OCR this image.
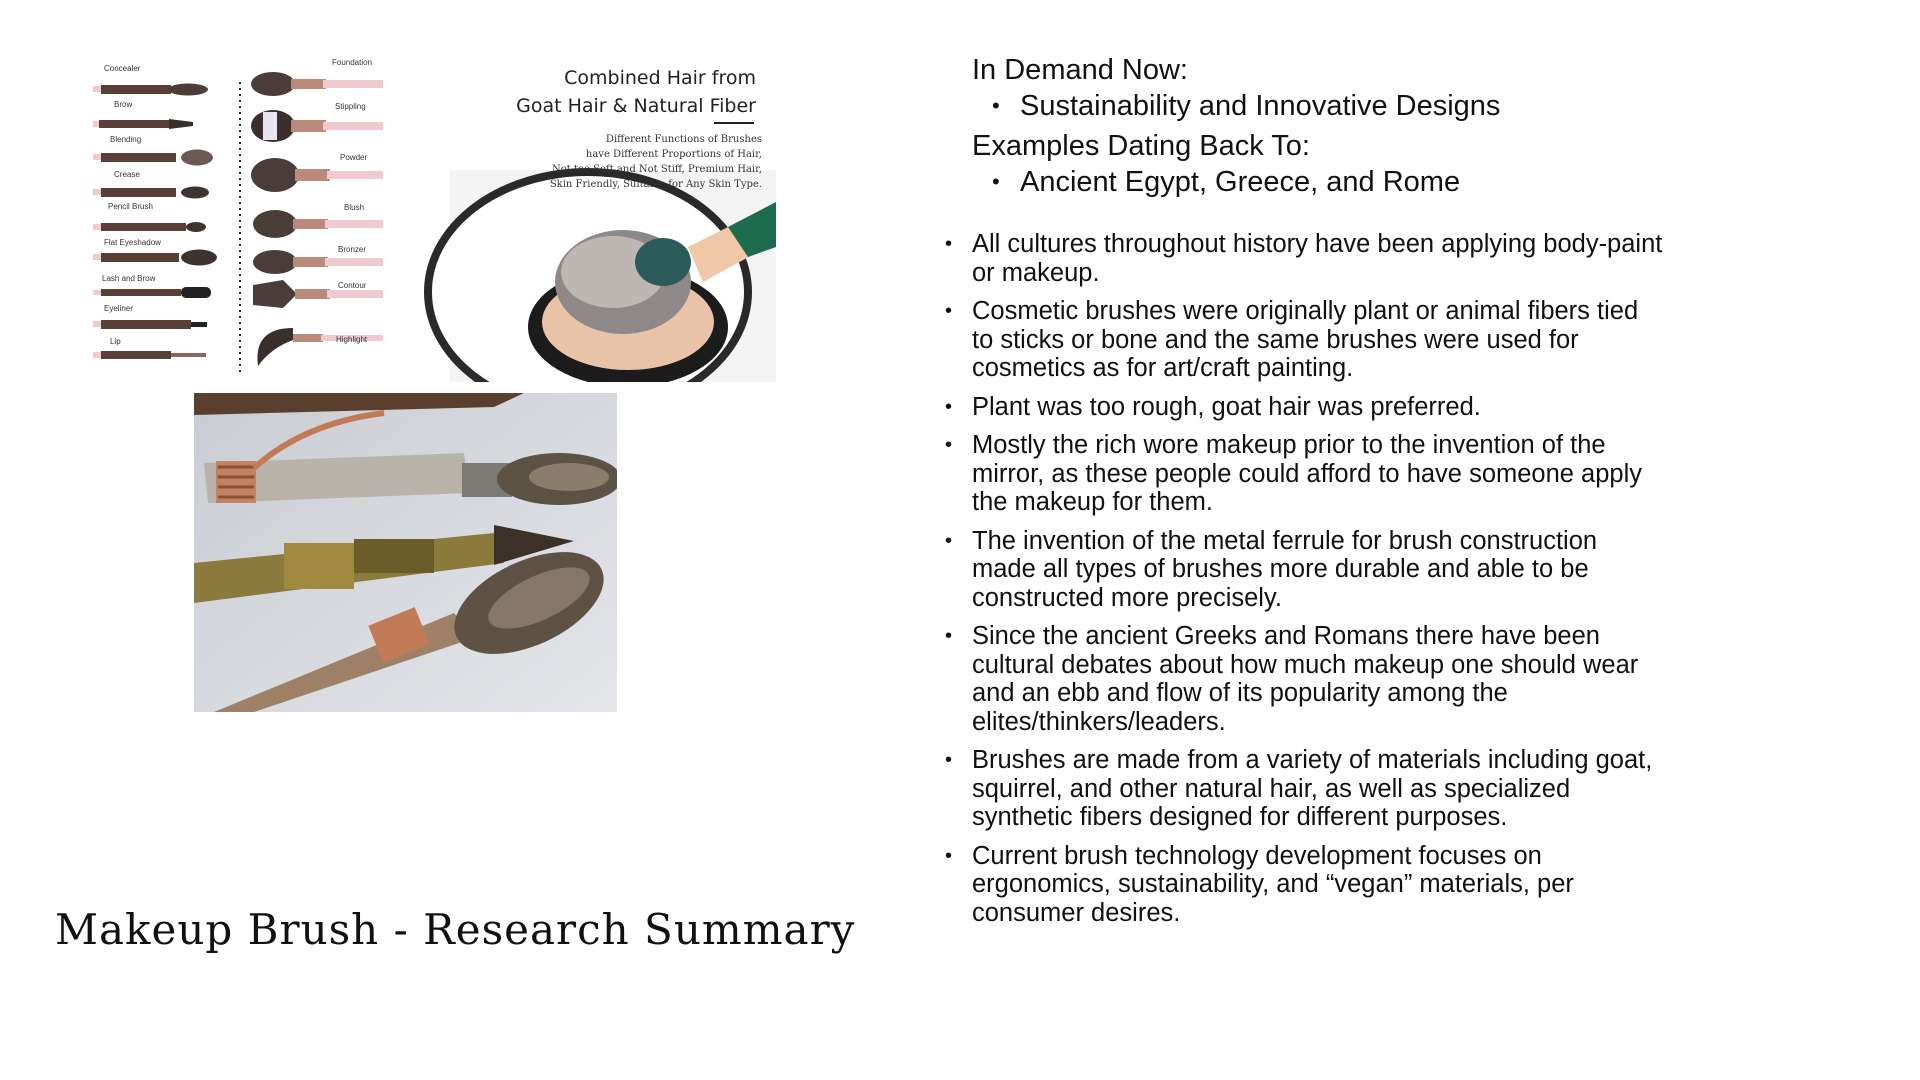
Concealer
Brow
Blending
Crease
Pencil Brush
Flat Eyeshadow
Lash and Brow
Eyeliner
Lip
Foundation
Stippling
Powder
Blush
Bronzer
Contour
Highlight
Combined Hair from
Goat Hair & Natural Fiber
Different Functions of Brushes
have Different Proportions of Hair,
Not too Soft and Not Stiff, Premium Hair,
Skin Friendly, Suitable for Any Skin Type.
In Demand Now:
• Sustainability and Innovative Designs
Examples Dating Back To:
• Ancient Egypt, Greece, and Rome
• All cultures throughout history have been applying body-paint or makeup.
• Cosmetic brushes were originally plant or animal fibers tied to sticks or bone and the same brushes were used for cosmetics as for art/craft painting.
• Plant was too rough, goat hair was preferred.
• Mostly the rich wore makeup prior to the invention of the mirror, as these people could afford to have someone apply the makeup for them.
• The invention of the metal ferrule for brush construction made all types of brushes more durable and able to be constructed more precisely.
• Since the ancient Greeks and Romans there have been cultural debates about how much makeup one should wear and an ebb and flow of its popularity among the elites/thinkers/leaders.
• Brushes are made from a variety of materials including goat, squirrel, and other natural hair, as well as specialized synthetic fibers designed for different purposes.
• Current brush technology development focuses on ergonomics, sustainability, and “vegan” materials, per consumer desires.
Makeup Brush - Research Summary
